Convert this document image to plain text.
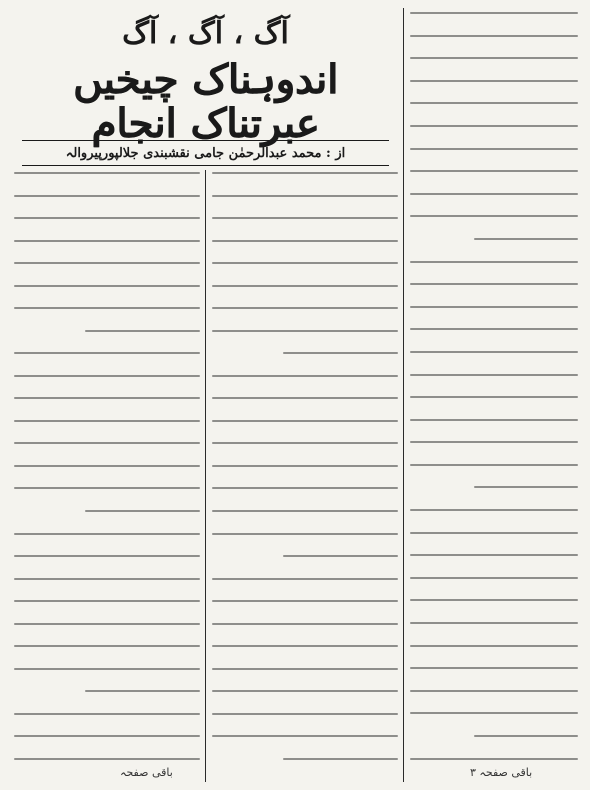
آگ ، آگ ، آگ
اندوہناک چیخیں عبرتناک انجام
از : محمد عبدالرحمٰن جامی نقشبندی جلالپورپیروالہ
باقی صفحہ	باقی صفحہ ۳
